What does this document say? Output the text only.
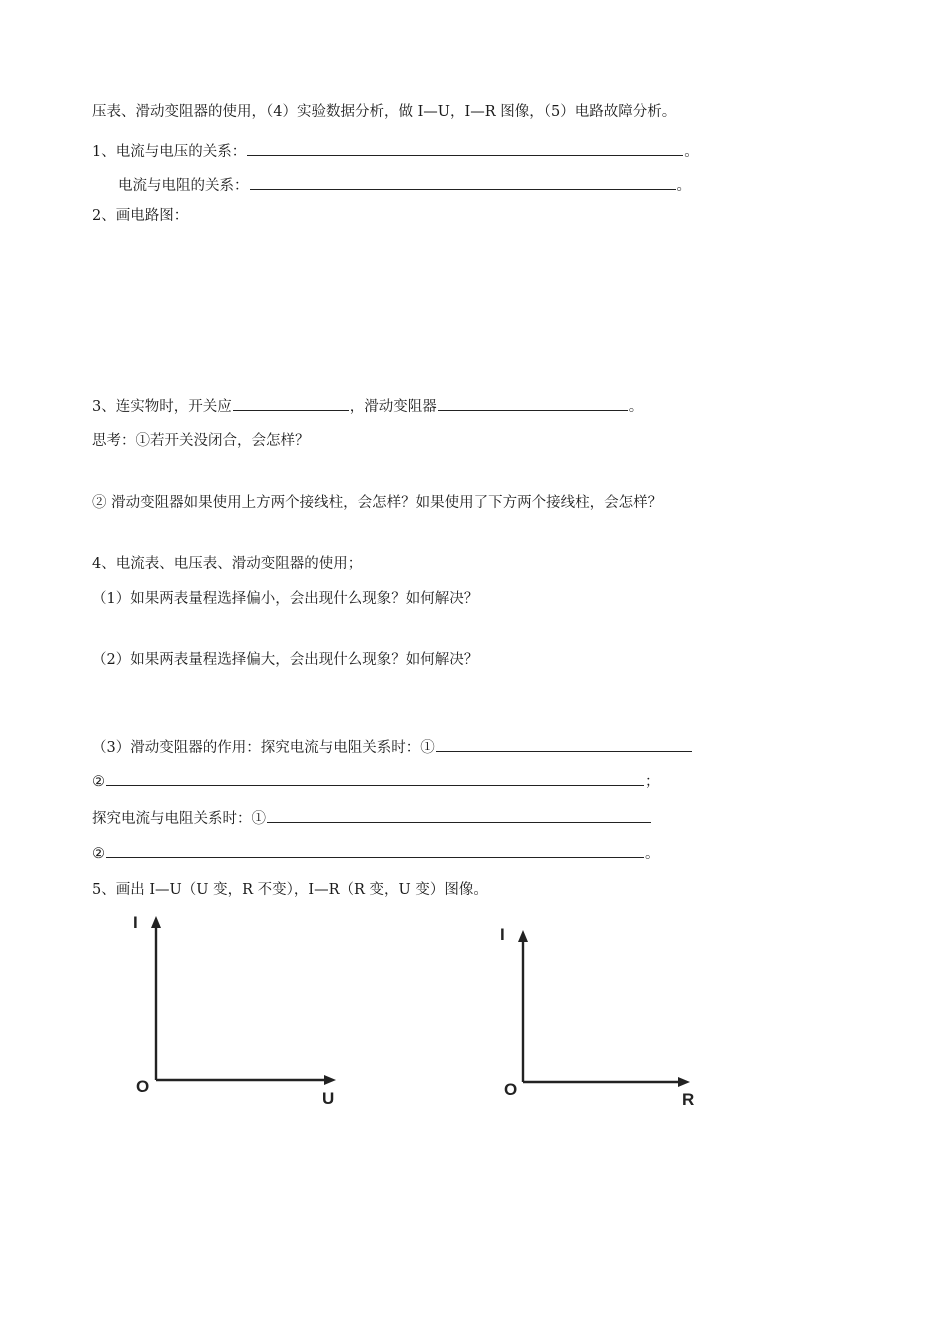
压表、滑动变阻器的使用，（4）实验数据分析，做 I—U，I—R 图像，（5）电路故障分析。
1、电流与电压的关系：	。
电流与电阻的关系：	。
2、画电路图：
3、连实物时，开关应	，滑动变阻器	。
思考：①若开关没闭合，会怎样？
② 滑动变阻器如果使用上方两个接线柱，会怎样？如果使用了下方两个接线柱，会怎样？
4、电流表、电压表、滑动变阻器的使用；
（1）如果两表量程选择偏小，会出现什么现象？如何解决？
（2）如果两表量程选择偏大，会出现什么现象？如何解决？
（3）滑动变阻器的作用：探究电流与电阻关系时：①
②	；
探究电流与电阻关系时：①
②	。
5、画出 I—U（U 变，R 不变），I—R（R 变，U 变）图像。
I
O
U
I
O
R
